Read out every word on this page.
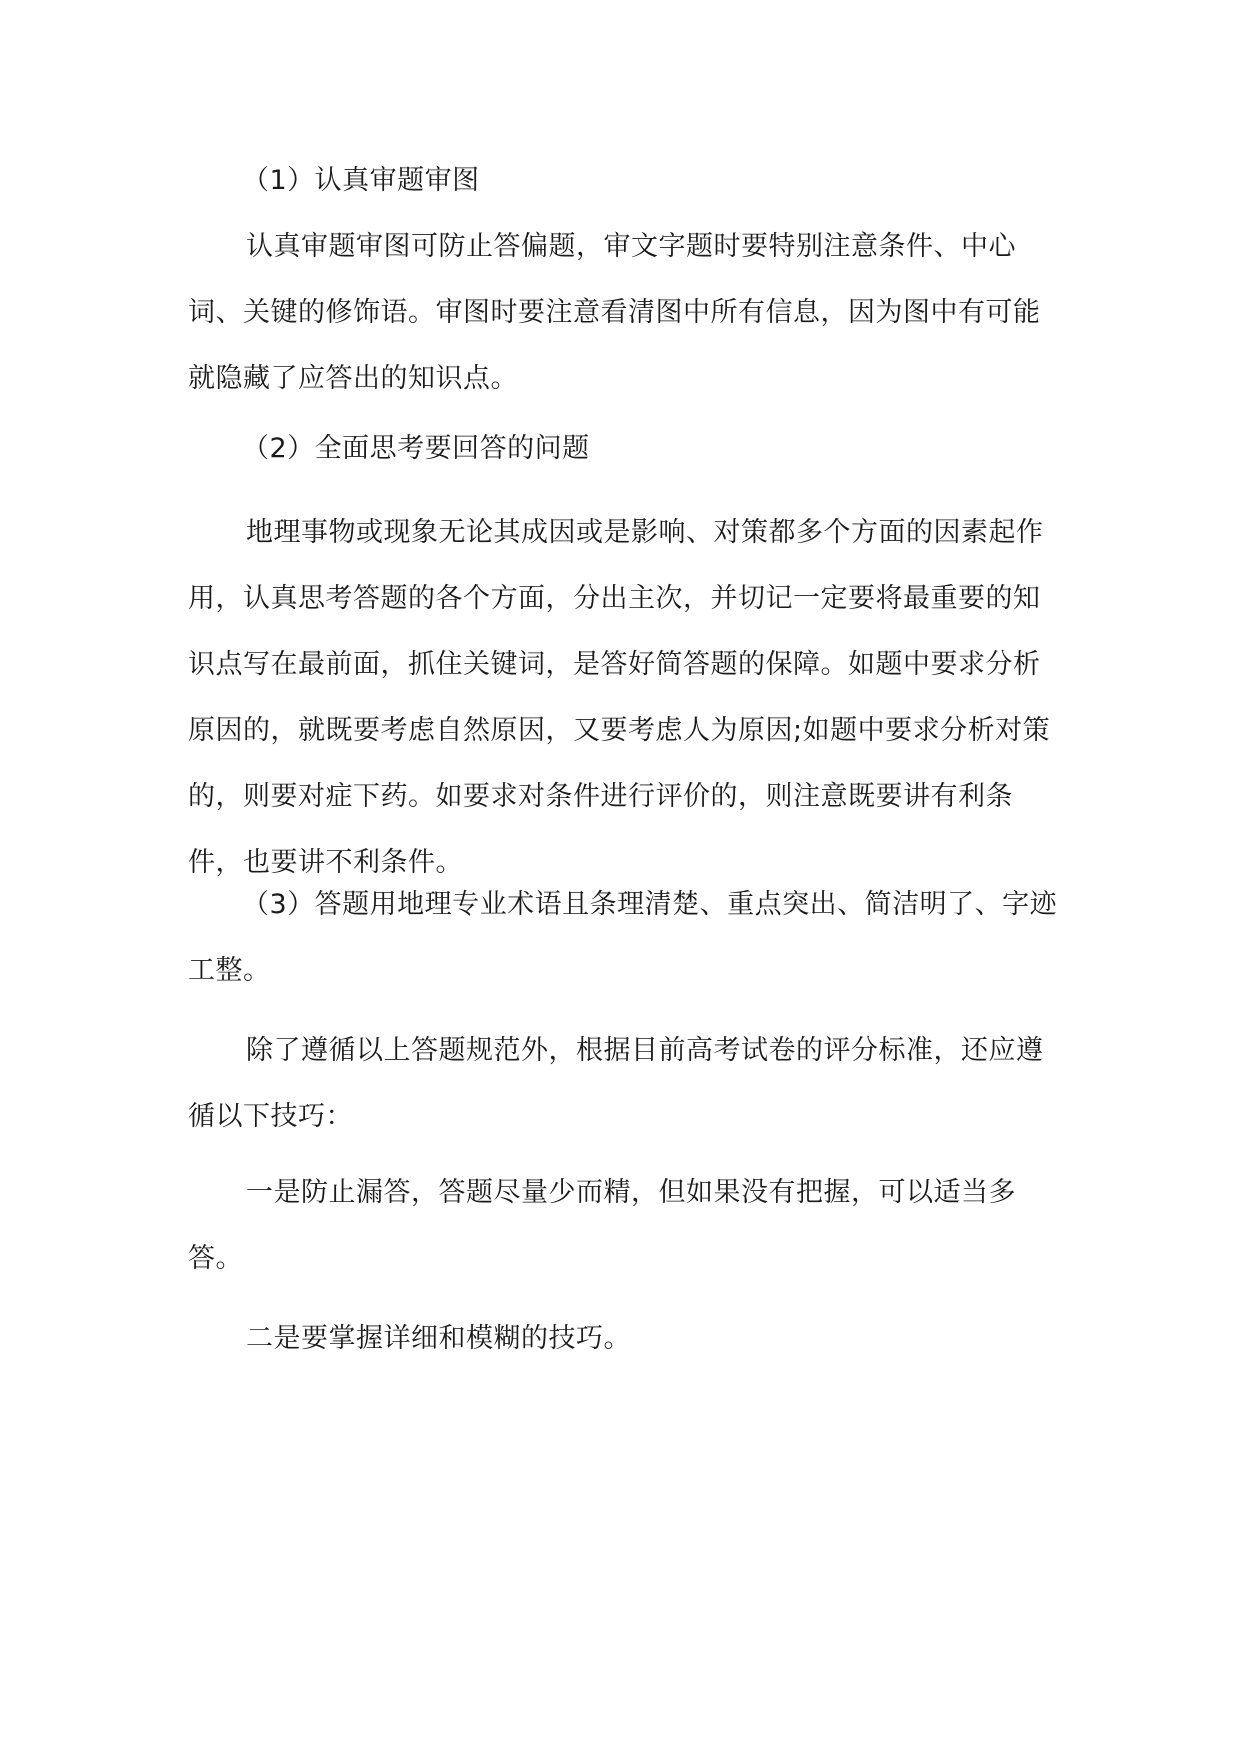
（1）认真审题审图

认真审题审图可防止答偏题，审文字题时要特别注意条件、中心词、关键的修饰语。审图时要注意看清图中所有信息，因为图中有可能就隐藏了应答出的知识点。

（2）全面思考要回答的问题

地理事物或现象无论其成因或是影响、对策都多个方面的因素起作用，认真思考答题的各个方面，分出主次，并切记一定要将最重要的知识点写在最前面，抓住关键词，是答好简答题的保障。如题中要求分析原因的，就既要考虑自然原因，又要考虑人为原因;如题中要求分析对策的，则要对症下药。如要求对条件进行评价的，则注意既要讲有利条件，也要讲不利条件。

（3）答题用地理专业术语且条理清楚、重点突出、简洁明了、字迹工整。

除了遵循以上答题规范外，根据目前高考试卷的评分标准，还应遵循以下技巧：

一是防止漏答，答题尽量少而精，但如果没有把握，可以适当多答。

二是要掌握详细和模糊的技巧。
